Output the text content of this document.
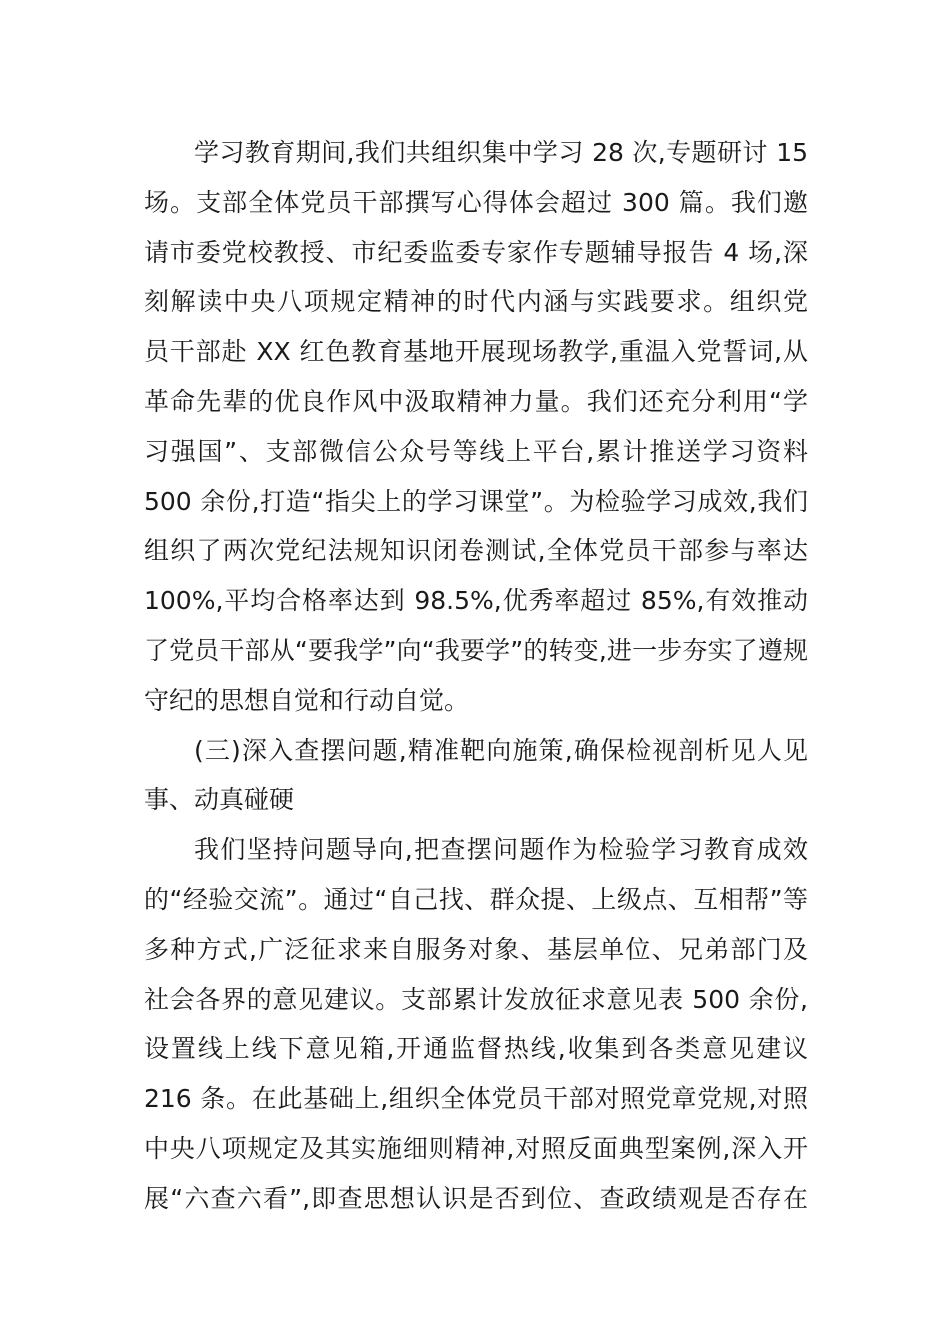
学习教育期间,我们共组织集中学习 28 次,专题研讨 15
场。支部全体党员干部撰写心得体会超过 300 篇。我们邀
请市委党校教授、市纪委监委专家作专题辅导报告 4 场,深
刻解读中央八项规定精神的时代内涵与实践要求。组织党
员干部赴 XX 红色教育基地开展现场教学,重温入党誓词,从
革命先辈的优良作风中汲取精神力量。我们还充分利用“学
习强国”、支部微信公众号等线上平台,累计推送学习资料
500 余份,打造“指尖上的学习课堂”。为检验学习成效,我们
组织了两次党纪法规知识闭卷测试,全体党员干部参与率达
100%,平均合格率达到 98.5%,优秀率超过 85%,有效推动
了党员干部从“要我学”向“我要学”的转变,进一步夯实了遵规
守纪的思想自觉和行动自觉。
(三)深入查摆问题,精准靶向施策,确保检视剖析见人见
事、动真碰硬
我们坚持问题导向,把查摆问题作为检验学习教育成效
的“经验交流”。通过“自己找、群众提、上级点、互相帮”等
多种方式,广泛征求来自服务对象、基层单位、兄弟部门及
社会各界的意见建议。支部累计发放征求意见表 500 余份,
设置线上线下意见箱,开通监督热线,收集到各类意见建议
216 条。在此基础上,组织全体党员干部对照党章党规,对照
中央八项规定及其实施细则精神,对照反面典型案例,深入开
展“六查六看”,即查思想认识是否到位、查政绩观是否存在
